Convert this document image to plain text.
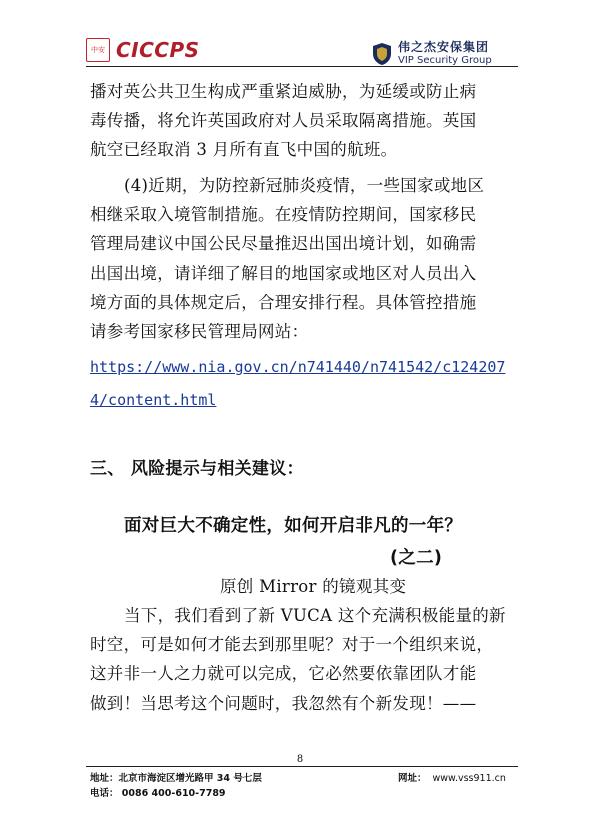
中安 CICCPS	伟之杰安保集团
VIP Security Group
播对英公共卫生构成严重紧迫威胁，为延缓或防止病
毒传播，将允许英国政府对人员采取隔离措施。英国
航空已经取消 3 月所有直飞中国的航班。
(4)近期，为防控新冠肺炎疫情，一些国家或地区
相继采取入境管制措施。在疫情防控期间，国家移民
管理局建议中国公民尽量推迟出国出境计划，如确需
出国出境，请详细了解目的地国家或地区对人员出入
境方面的具体规定后，合理安排行程。具体管控措施
请参考国家移民管理局网站：
https://www.nia.gov.cn/n741440/n741542/c124207
4/content.html
三、 风险提示与相关建议：
面对巨大不确定性，如何开启非凡的一年？
(之二)
原创 Mirror 的镜观其变
当下，我们看到了新 VUCA 这个充满积极能量的新
时空，可是如何才能去到那里呢？对于一个组织来说，
这并非一人之力就可以完成，它必然要依靠团队才能
做到！当思考这个问题时，我忽然有个新发现！——
8
地址：北京市海淀区增光路甲 34 号七层
电话： 0086 400-610-7789
网址： www.vss911.cn
